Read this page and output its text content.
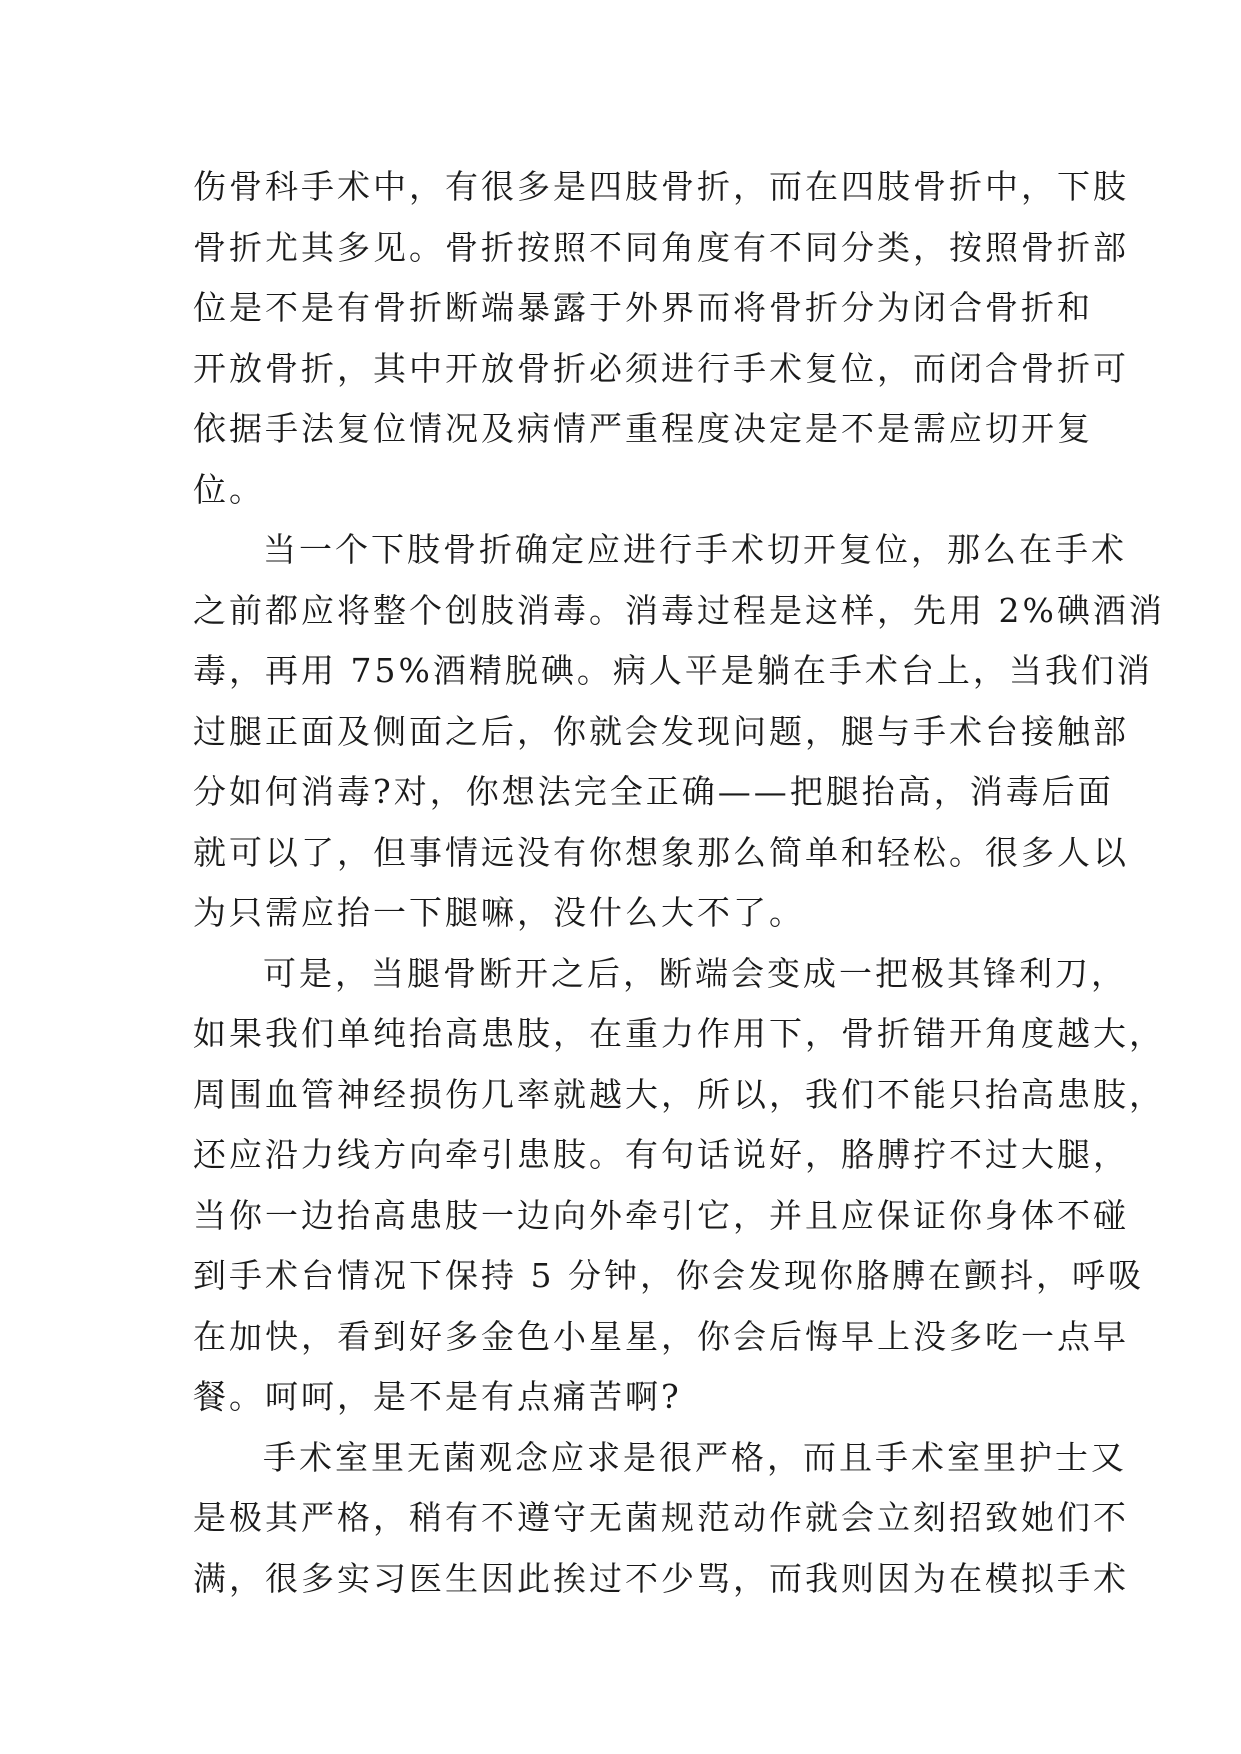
伤骨科手术中，有很多是四肢骨折，而在四肢骨折中，下肢
骨折尤其多见。骨折按照不同角度有不同分类，按照骨折部
位是不是有骨折断端暴露于外界而将骨折分为闭合骨折和
开放骨折，其中开放骨折必须进行手术复位，而闭合骨折可
依据手法复位情况及病情严重程度决定是不是需应切开复
位。
当一个下肢骨折确定应进行手术切开复位，那么在手术
之前都应将整个创肢消毒。消毒过程是这样，先用 2%碘酒消
毒，再用 75%酒精脱碘。病人平是躺在手术台上，当我们消
过腿正面及侧面之后，你就会发现问题，腿与手术台接触部
分如何消毒?对，你想法完全正确——把腿抬高，消毒后面
就可以了，但事情远没有你想象那么简单和轻松。很多人以
为只需应抬一下腿嘛，没什么大不了。
可是，当腿骨断开之后，断端会变成一把极其锋利刀，
如果我们单纯抬高患肢，在重力作用下，骨折错开角度越大，
周围血管神经损伤几率就越大，所以，我们不能只抬高患肢，
还应沿力线方向牵引患肢。有句话说好，胳膊拧不过大腿，
当你一边抬高患肢一边向外牵引它，并且应保证你身体不碰
到手术台情况下保持 5 分钟，你会发现你胳膊在颤抖，呼吸
在加快，看到好多金色小星星，你会后悔早上没多吃一点早
餐。呵呵，是不是有点痛苦啊?
手术室里无菌观念应求是很严格，而且手术室里护士又
是极其严格，稍有不遵守无菌规范动作就会立刻招致她们不
满，很多实习医生因此挨过不少骂，而我则因为在模拟手术
